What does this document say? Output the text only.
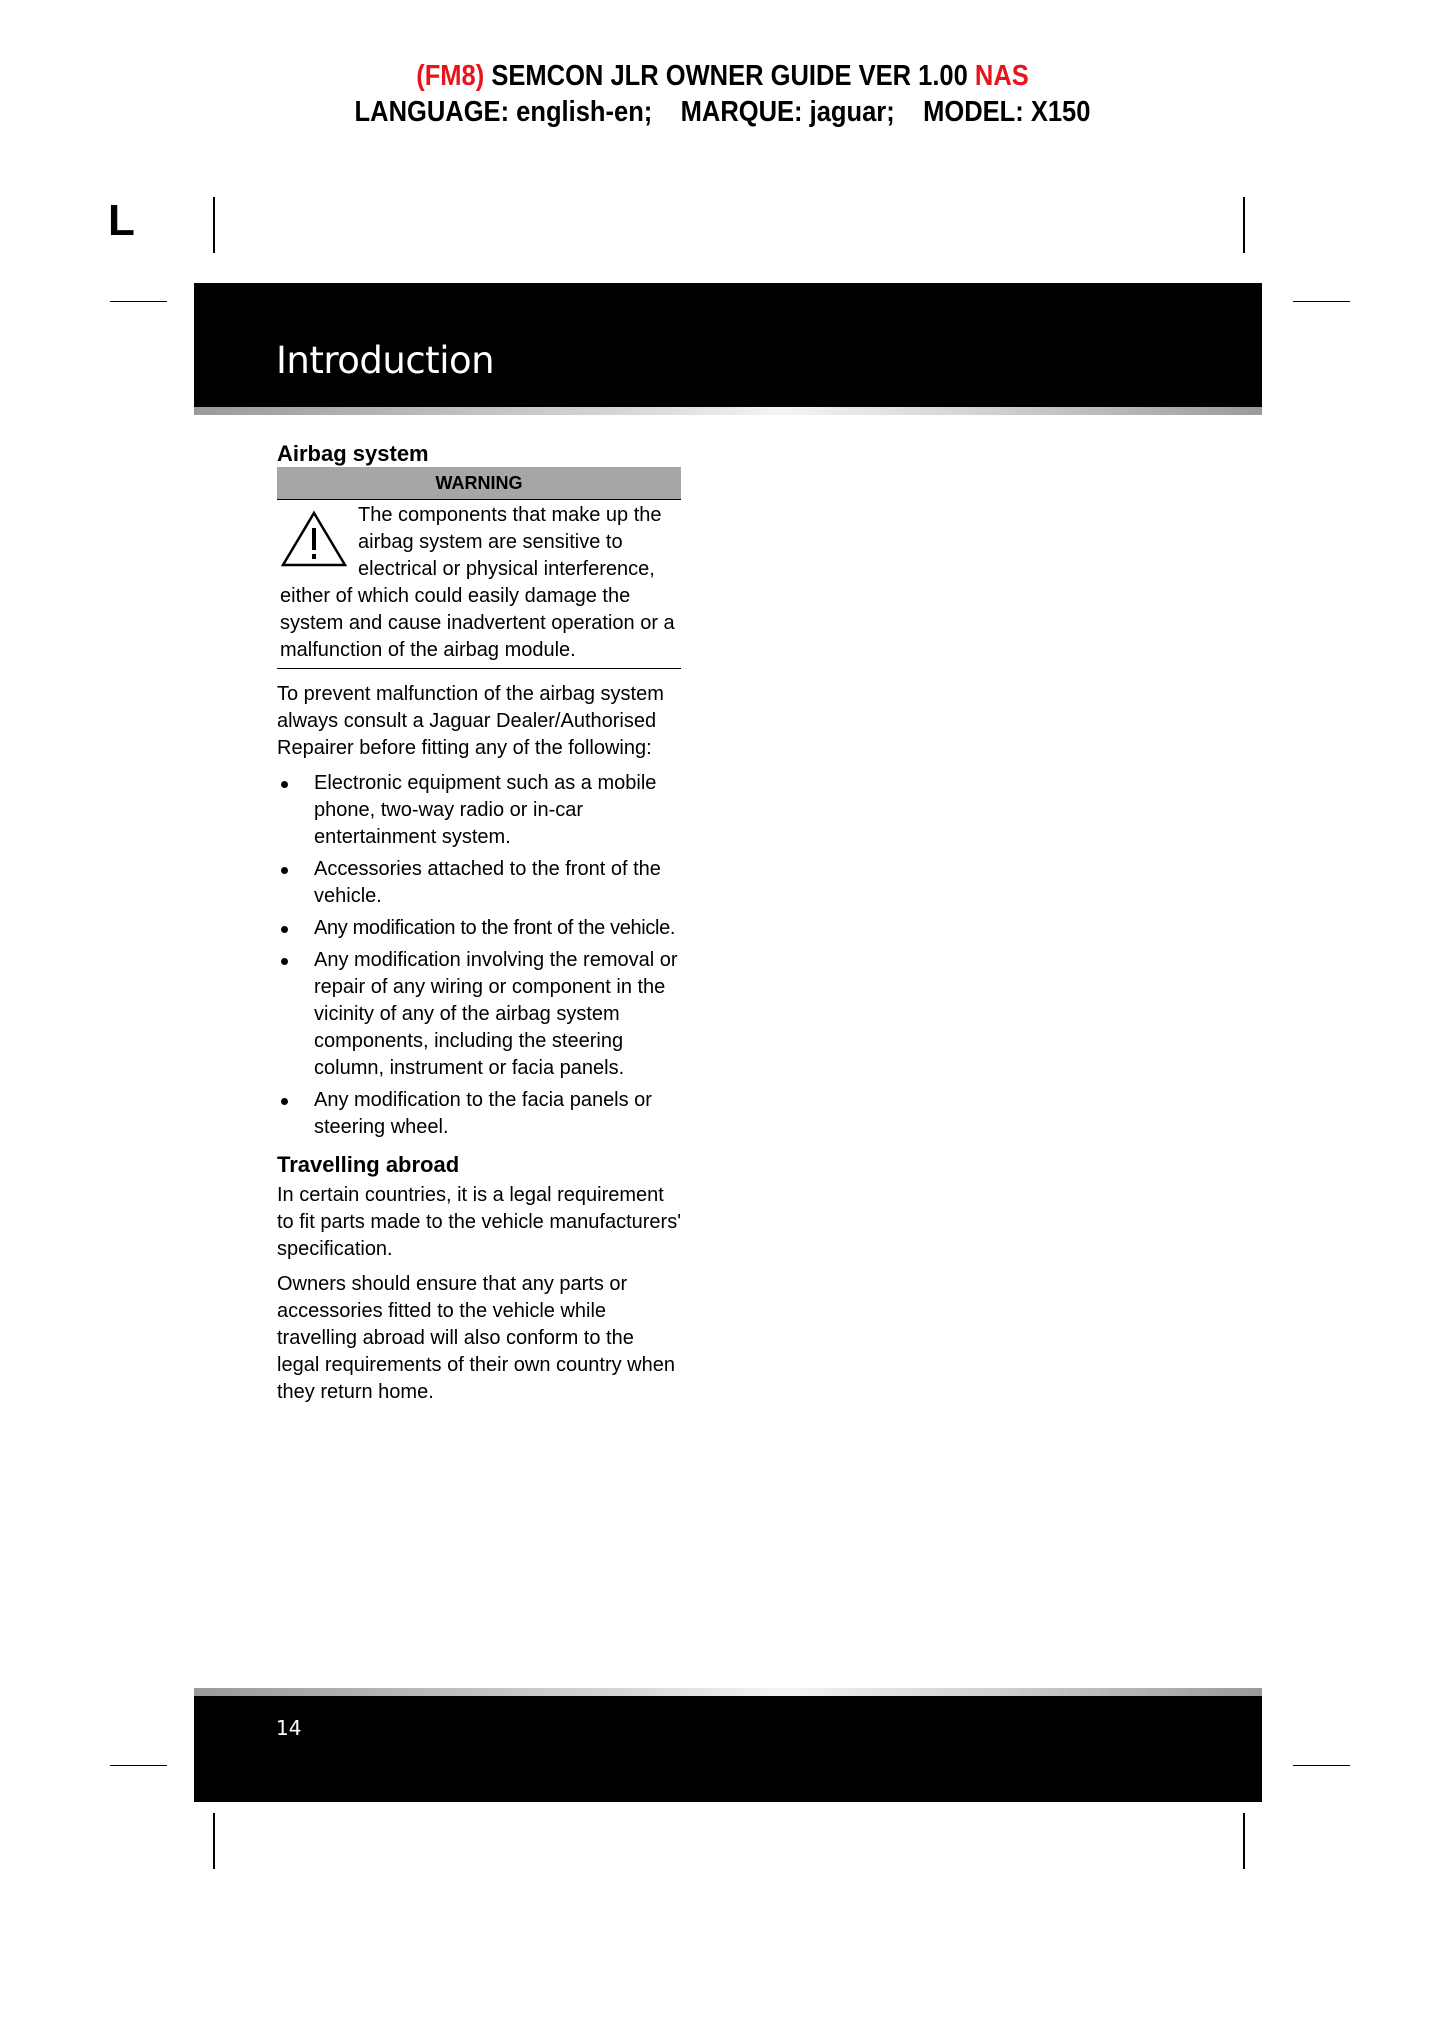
(FM8) SEMCON JLR OWNER GUIDE VER 1.00 NAS
LANGUAGE: english-en;    MARQUE: jaguar;    MODEL: X150
L
Introduction

Airbag system

WARNING

The components that make up the airbag system are sensitive to electrical or physical interference, either of which could easily damage the system and cause inadvertent operation or a malfunction of the airbag module.

To prevent malfunction of the airbag system always consult a Jaguar Dealer/Authorised Repairer before fitting any of the following:

Electronic equipment such as a mobile phone, two-way radio or in-car entertainment system.
Accessories attached to the front of the vehicle.
Any modification to the front of the vehicle.
Any modification involving the removal or repair of any wiring or component in the vicinity of any of the airbag system components, including the steering column, instrument or facia panels.
Any modification to the facia panels or steering wheel.

Travelling abroad

In certain countries, it is a legal requirement to fit parts made to the vehicle manufacturers' specification.

Owners should ensure that any parts or accessories fitted to the vehicle while travelling abroad will also conform to the legal requirements of their own country when they return home.

14
